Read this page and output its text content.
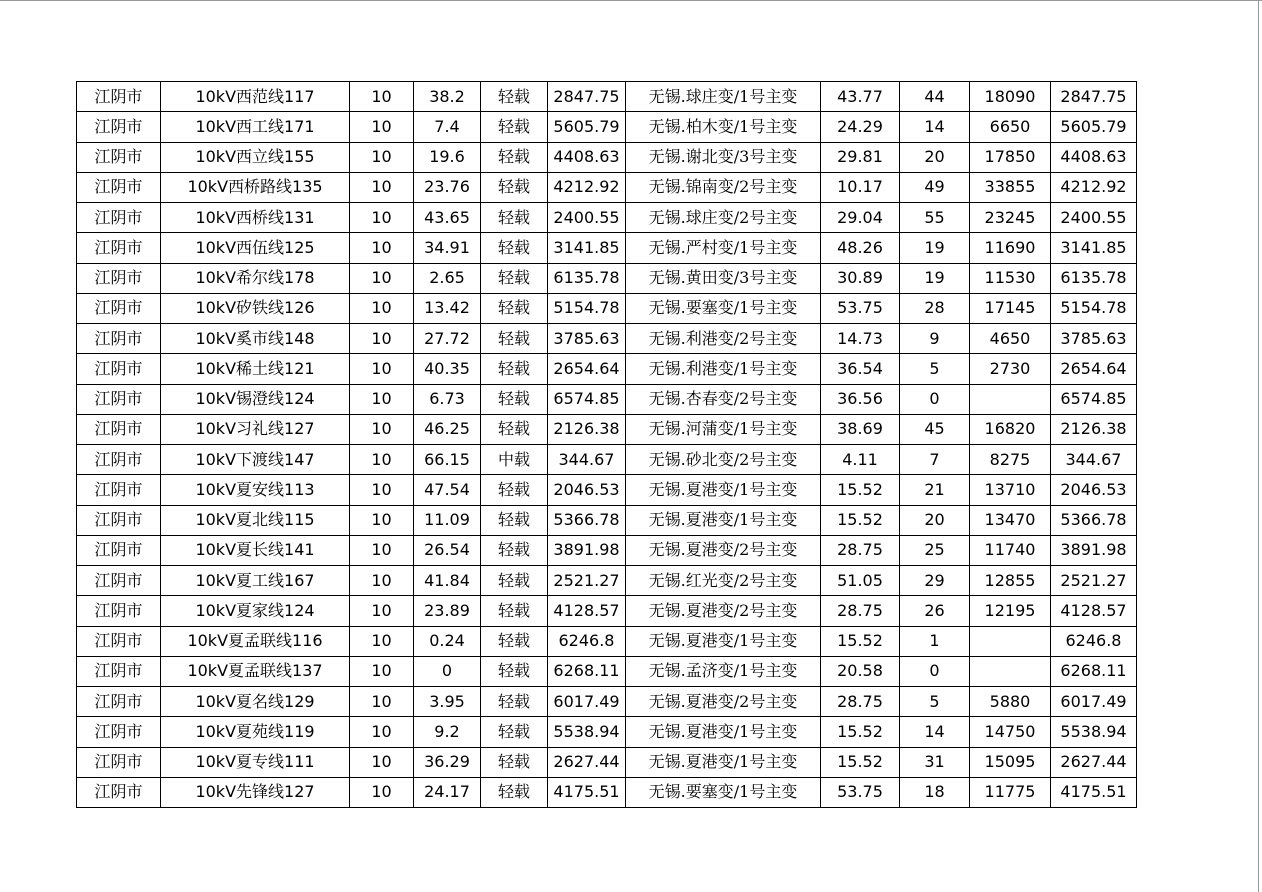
江阴市	10kV西范线117	10	38.2	轻载	2847.75	无锡.球庄变/1号主变	43.77	44	18090	2847.75
江阴市	10kV西工线171	10	7.4	轻载	5605.79	无锡.柏木变/1号主变	24.29	14	6650	5605.79
江阴市	10kV西立线155	10	19.6	轻载	4408.63	无锡.谢北变/3号主变	29.81	20	17850	4408.63
江阴市	10kV西桥路线135	10	23.76	轻载	4212.92	无锡.锦南变/2号主变	10.17	49	33855	4212.92
江阴市	10kV西桥线131	10	43.65	轻载	2400.55	无锡.球庄变/2号主变	29.04	55	23245	2400.55
江阴市	10kV西伍线125	10	34.91	轻载	3141.85	无锡.严村变/1号主变	48.26	19	11690	3141.85
江阴市	10kV希尔线178	10	2.65	轻载	6135.78	无锡.黄田变/3号主变	30.89	19	11530	6135.78
江阴市	10kV矽铁线126	10	13.42	轻载	5154.78	无锡.要塞变/1号主变	53.75	28	17145	5154.78
江阴市	10kV奚市线148	10	27.72	轻载	3785.63	无锡.利港变/2号主变	14.73	9	4650	3785.63
江阴市	10kV稀土线121	10	40.35	轻载	2654.64	无锡.利港变/1号主变	36.54	5	2730	2654.64
江阴市	10kV锡澄线124	10	6.73	轻载	6574.85	无锡.杏春变/2号主变	36.56	0		6574.85
江阴市	10kV习礼线127	10	46.25	轻载	2126.38	无锡.河蒲变/1号主变	38.69	45	16820	2126.38
江阴市	10kV下渡线147	10	66.15	中载	344.67	无锡.砂北变/2号主变	4.11	7	8275	344.67
江阴市	10kV夏安线113	10	47.54	轻载	2046.53	无锡.夏港变/1号主变	15.52	21	13710	2046.53
江阴市	10kV夏北线115	10	11.09	轻载	5366.78	无锡.夏港变/1号主变	15.52	20	13470	5366.78
江阴市	10kV夏长线141	10	26.54	轻载	3891.98	无锡.夏港变/2号主变	28.75	25	11740	3891.98
江阴市	10kV夏工线167	10	41.84	轻载	2521.27	无锡.红光变/2号主变	51.05	29	12855	2521.27
江阴市	10kV夏家线124	10	23.89	轻载	4128.57	无锡.夏港变/2号主变	28.75	26	12195	4128.57
江阴市	10kV夏孟联线116	10	0.24	轻载	6246.8	无锡.夏港变/1号主变	15.52	1		6246.8
江阴市	10kV夏孟联线137	10	0	轻载	6268.11	无锡.孟济变/1号主变	20.58	0		6268.11
江阴市	10kV夏名线129	10	3.95	轻载	6017.49	无锡.夏港变/2号主变	28.75	5	5880	6017.49
江阴市	10kV夏苑线119	10	9.2	轻载	5538.94	无锡.夏港变/1号主变	15.52	14	14750	5538.94
江阴市	10kV夏专线111	10	36.29	轻载	2627.44	无锡.夏港变/1号主变	15.52	31	15095	2627.44
江阴市	10kV先锋线127	10	24.17	轻载	4175.51	无锡.要塞变/1号主变	53.75	18	11775	4175.51
